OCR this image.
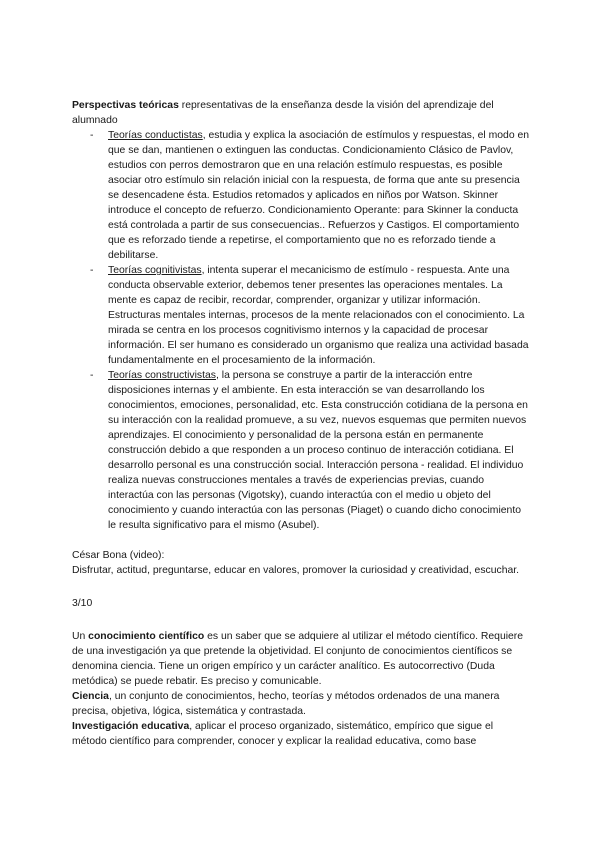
Perspectivas teóricas representativas de la enseñanza desde la visión del aprendizaje del alumnado

- Teorías conductistas, estudia y explica la asociación de estímulos y respuestas, el modo en que se dan, mantienen o extinguen las conductas. Condicionamiento Clásico de Pavlov, estudios con perros demostraron que en una relación estímulo respuestas, es posible asociar otro estímulo sin relación inicial con la respuesta, de forma que ante su presencia se desencadene ésta. Estudios retomados y aplicados en niños por Watson. Skinner introduce el concepto de refuerzo. Condicionamiento Operante: para Skinner la conducta está controlada a partir de sus consecuencias.. Refuerzos y Castigos. El comportamiento que es reforzado tiende a repetirse, el comportamiento que no es reforzado tiende a debilitarse.
- Teorías cognitivistas, intenta superar el mecanicismo de estímulo - respuesta. Ante una conducta observable exterior, debemos tener presentes las operaciones mentales. La mente es capaz de recibir, recordar, comprender, organizar y utilizar información. Estructuras mentales internas, procesos de la mente relacionados con el conocimiento. La mirada se centra en los procesos cognitivismo internos y la capacidad de procesar información. El ser humano es considerado un organismo que realiza una actividad basada fundamentalmente en el procesamiento de la información.
- Teorías constructivistas, la persona se construye a partir de la interacción entre disposiciones internas y el ambiente. En esta interacción se van desarrollando los conocimientos, emociones, personalidad, etc. Esta construcción cotidiana de la persona en su interacción con la realidad promueve, a su vez, nuevos esquemas que permiten nuevos aprendizajes. El conocimiento y personalidad de la persona están en permanente construcción debido a que responden a un proceso continuo de interacción cotidiana. El desarrollo personal es una construcción social. Interacción persona - realidad. El individuo realiza nuevas construcciones mentales a través de experiencias previas, cuando interactúa con las personas (Vigotsky), cuando interactúa con el medio u objeto del conocimiento y cuando interactúa con las personas (Piaget) o cuando dicho conocimiento le resulta significativo para el mismo (Asubel).

César Bona (video):

Disfrutar, actitud, preguntarse, educar en valores, promover la curiosidad y creatividad, escuchar.

3/10

Un conocimiento científico es un saber que se adquiere al utilizar el método científico. Requiere de una investigación ya que pretende la objetividad. El conjunto de conocimientos científicos se denomina ciencia. Tiene un origen empírico y un carácter analítico. Es autocorrectivo (Duda metódica) se puede rebatir. Es preciso y comunicable.

Ciencia, un conjunto de conocimientos, hecho, teorías y métodos ordenados de una manera precisa, objetiva, lógica, sistemática y contrastada.

Investigación educativa, aplicar el proceso organizado, sistemático, empírico que sigue el método científico para comprender, conocer y explicar la realidad educativa, como base
